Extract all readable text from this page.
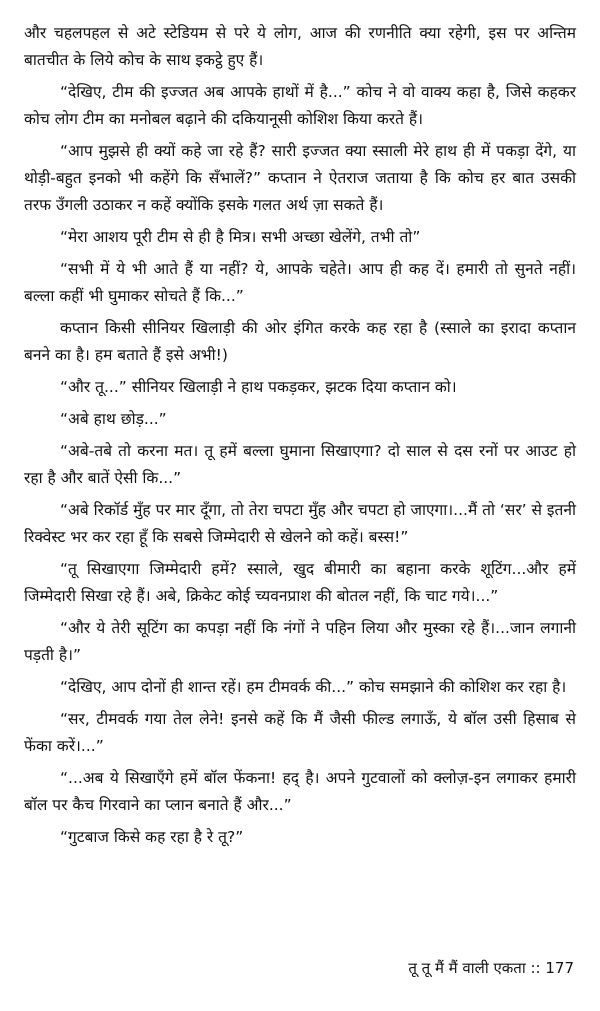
और चहलपहल से अटे स्टेडियम से परे ये लोग, आज की रणनीति क्या रहेगी, इस पर अन्तिम बातचीत के लिये कोच के साथ इकट्ठे हुए हैं।

“देखिए, टीम की इज्जत अब आपके हाथों में है...” कोच ने वो वाक्य कहा है, जिसे कहकर कोच लोग टीम का मनोबल बढ़ाने की दकियानूसी कोशिश किया करते हैं।

“आप मुझसे ही क्यों कहे जा रहे हैं? सारी इज्जत क्या स्साली मेरे हाथ ही में पकड़ा देंगे, या थोड़ी-बहुत इनको भी कहेंगे कि सँभालें?” कप्तान ने ऐतराज जताया है कि कोच हर बात उसकी तरफ उँगली उठाकर न कहें क्योंकि इसके गलत अर्थ ज़ा सकते हैं।

“मेरा आशय पूरी टीम से ही है मित्र। सभी अच्छा खेलेंगे, तभी तो”

“सभी में ये भी आते हैं या नहीं? ये, आपके चहेते। आप ही कह दें। हमारी तो सुनते नहीं। बल्ला कहीं भी घुमाकर सोचते हैं कि...”

कप्तान किसी सीनियर खिलाड़ी की ओर इंगित करके कह रहा है (स्साले का इरादा कप्तान बनने का है। हम बताते हैं इसे अभी!)

“और तू...” सीनियर खिलाड़ी ने हाथ पकड़कर, झटक दिया कप्तान को।

“अबे हाथ छोड़...”

“अबे-तबे तो करना मत। तू हमें बल्ला घुमाना सिखाएगा? दो साल से दस रनों पर आउट हो रहा है और बातें ऐसी कि...”

“अबे रिकॉर्ड मुँह पर मार दूँगा, तो तेरा चपटा मुँह और चपटा हो जाएगा।...मैं तो ‘सर’ से इतनी रिक्वेस्ट भर कर रहा हूँ कि सबसे जिम्मेदारी से खेलने को कहें। बस्स!”

“तू सिखाएगा जिम्मेदारी हमें? स्साले, खुद बीमारी का बहाना करके शूटिंग...और हमें जिम्मेदारी सिखा रहे हैं। अबे, क्रिकेट कोई च्यवनप्राश की बोतल नहीं, कि चाट गये।...”

“और ये तेरी सूटिंग का कपड़ा नहीं कि नंगों ने पहिन लिया और मुस्का रहे हैं।...जान लगानी पड़ती है।”

“देखिए, आप दोनों ही शान्त रहें। हम टीमवर्क की...” कोच समझाने की कोशिश कर रहा है।

“सर, टीमवर्क गया तेल लेने! इनसे कहें कि मैं जैसी फील्ड लगाऊँ, ये बॉल उसी हिसाब से फेंका करें।...”

“...अब ये सिखाएँगे हमें बॉल फेंकना! हद् है। अपने गुटवालों को क्लोज़-इन लगाकर हमारी बॉल पर कैच गिरवाने का प्लान बनाते हैं और...”

“गुटबाज किसे कह रहा है रे तू?”

तू तू मैं मैं वाली एकता :: 177
